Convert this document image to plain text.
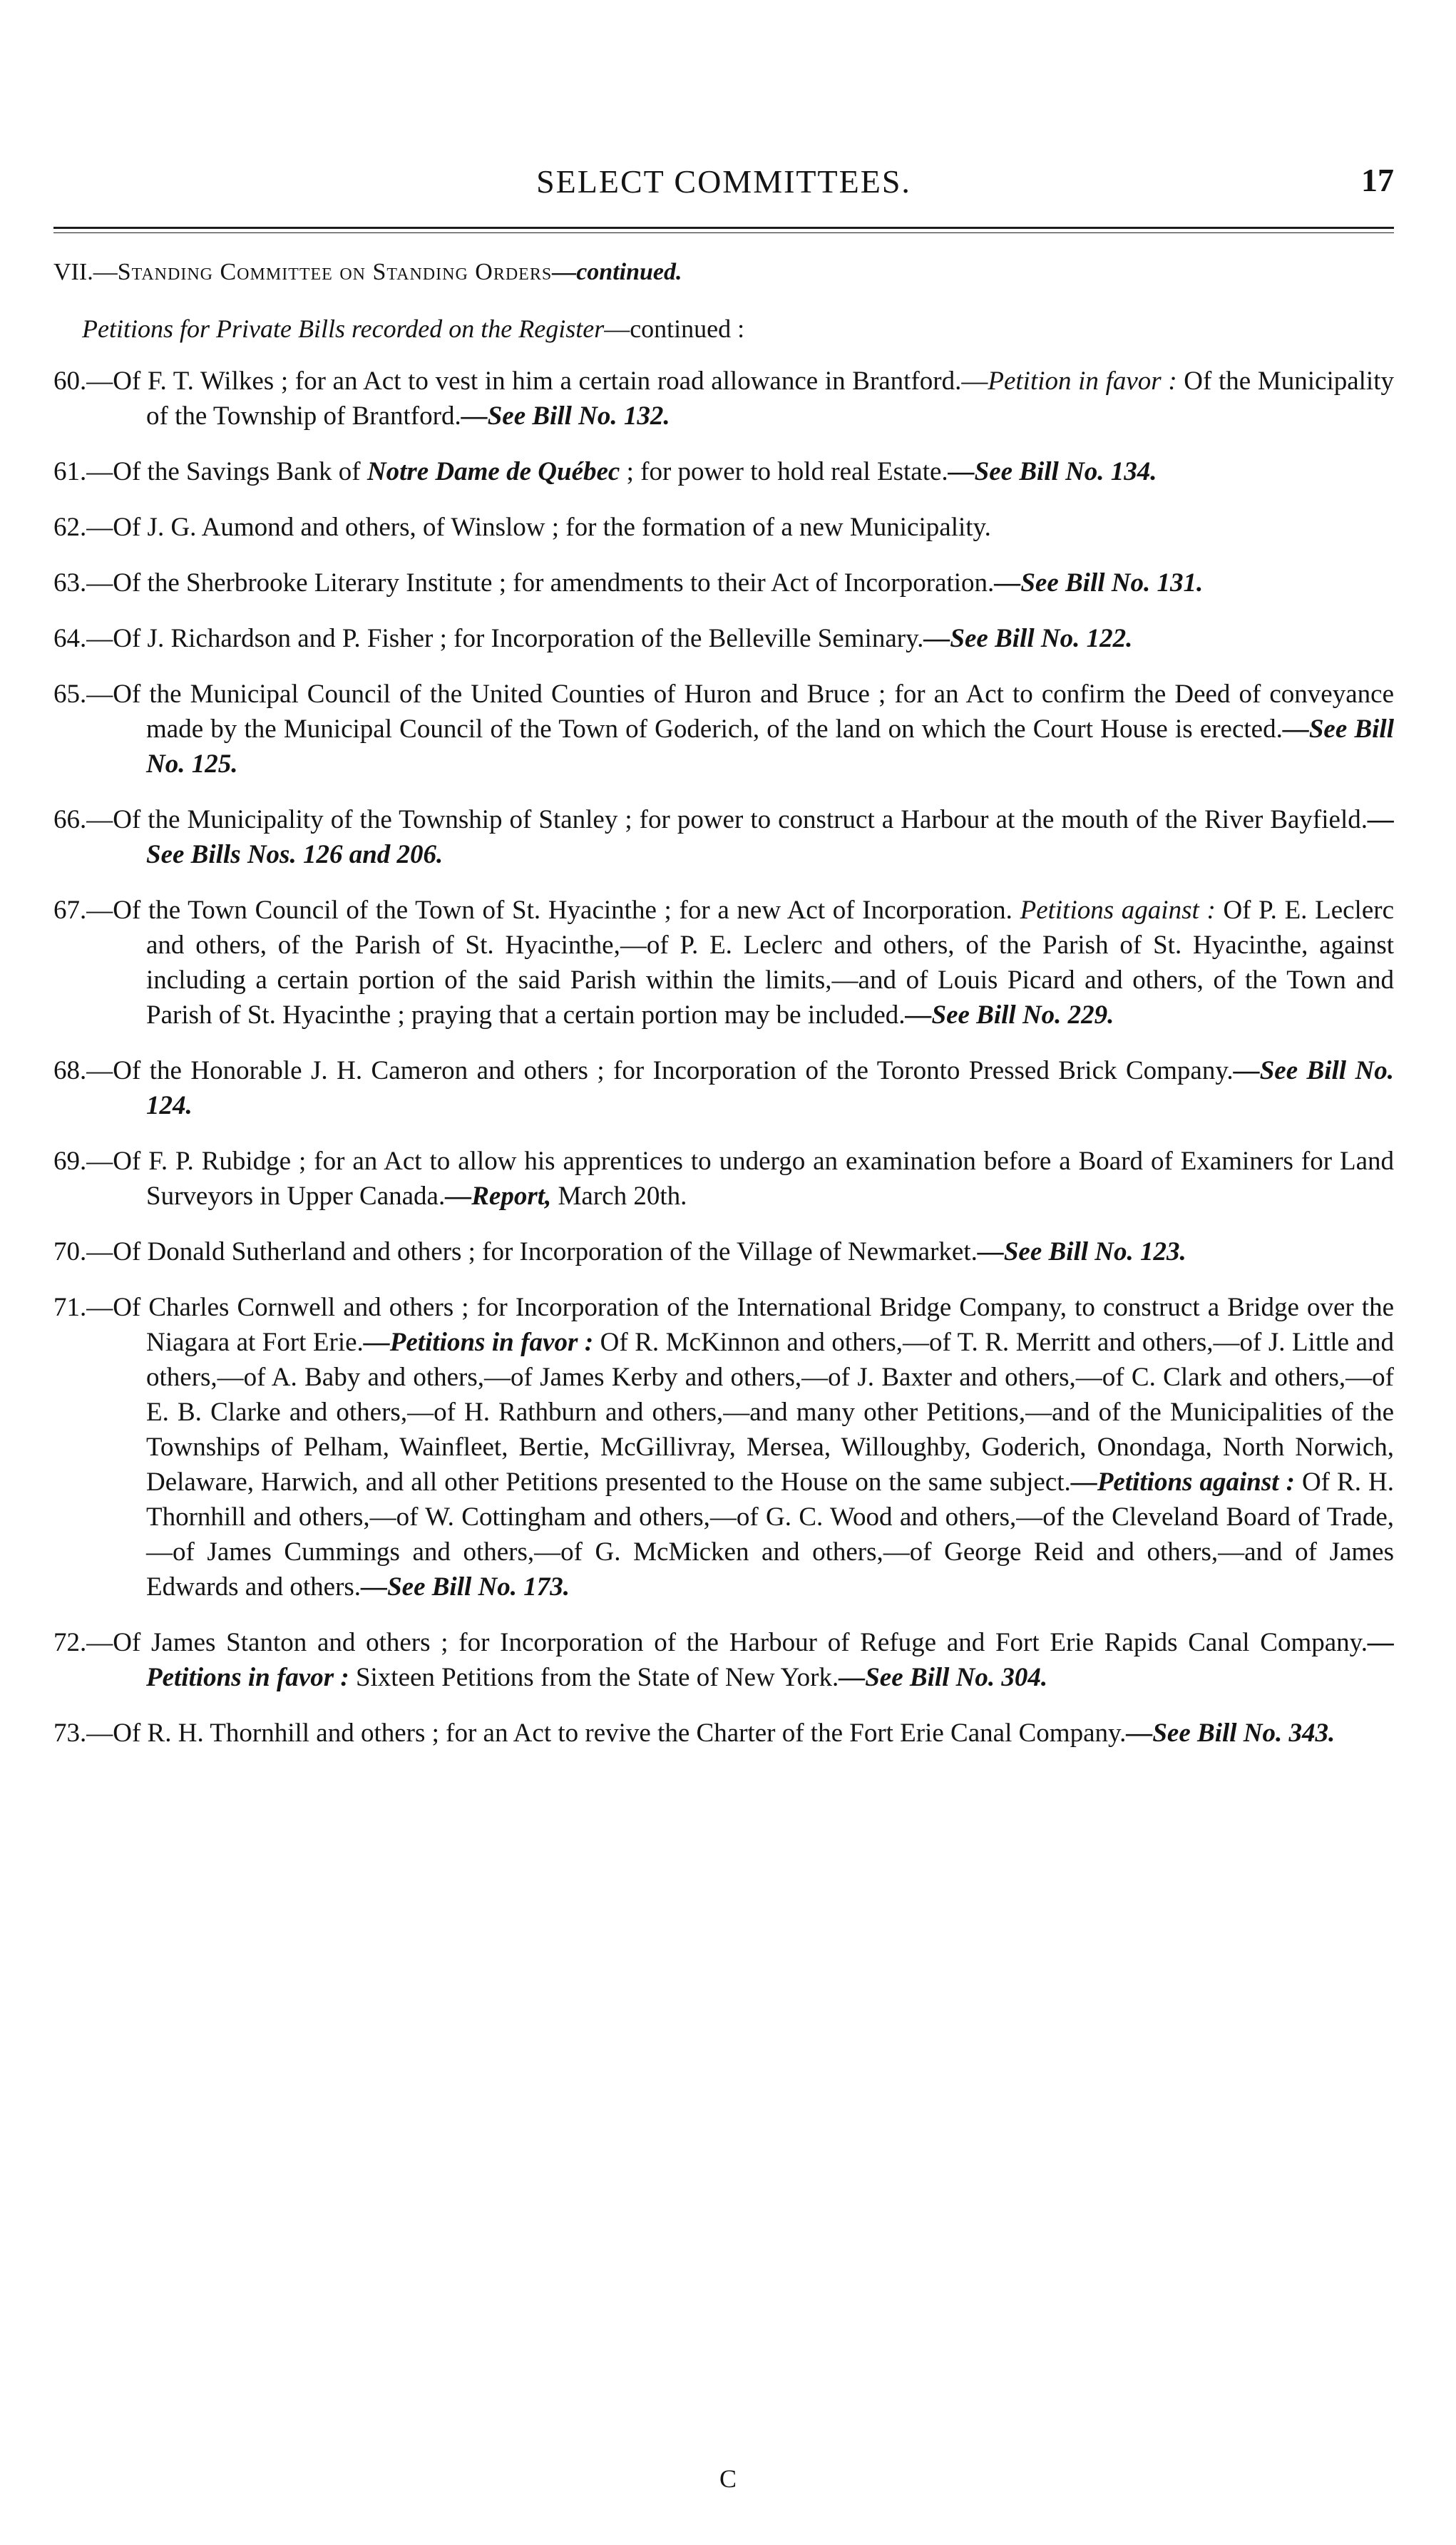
SELECT COMMITTEES.	17
VII.—Standing Committee on Standing Orders—continued.
Petitions for Private Bills recorded on the Register—continued :

60.—Of F. T. Wilkes ; for an Act to vest in him a certain road allowance in Brantford.—Petition in favor : Of the Municipality of the Township of Brantford.—See Bill No. 132.

61.—Of the Savings Bank of Notre Dame de Québec ; for power to hold real Estate.—See Bill No. 134.

62.—Of J. G. Aumond and others, of Winslow ; for the formation of a new Municipality.

63.—Of the Sherbrooke Literary Institute ; for amendments to their Act of Incorporation.—See Bill No. 131.

64.—Of J. Richardson and P. Fisher ; for Incorporation of the Belleville Seminary.—See Bill No. 122.

65.—Of the Municipal Council of the United Counties of Huron and Bruce ; for an Act to confirm the Deed of conveyance made by the Municipal Council of the Town of Goderich, of the land on which the Court House is erected.—See Bill No. 125.

66.—Of the Municipality of the Township of Stanley ; for power to construct a Harbour at the mouth of the River Bayfield.—See Bills Nos. 126 and 206.

67.—Of the Town Council of the Town of St. Hyacinthe ; for a new Act of Incorporation. Petitions against : Of P. E. Leclerc and others, of the Parish of St. Hyacinthe,—of P. E. Leclerc and others, of the Parish of St. Hyacinthe, against including a certain portion of the said Parish within the limits,—and of Louis Picard and others, of the Town and Parish of St. Hyacinthe ; praying that a certain portion may be included.—See Bill No. 229.

68.—Of the Honorable J. H. Cameron and others ; for Incorporation of the Toronto Pressed Brick Company.—See Bill No. 124.

69.—Of F. P. Rubidge ; for an Act to allow his apprentices to undergo an examination before a Board of Examiners for Land Surveyors in Upper Canada.—Report, March 20th.

70.—Of Donald Sutherland and others ; for Incorporation of the Village of Newmarket.—See Bill No. 123.

71.—Of Charles Cornwell and others ; for Incorporation of the International Bridge Company, to construct a Bridge over the Niagara at Fort Erie.—Petitions in favor : Of R. McKinnon and others,—of T. R. Merritt and others,—of J. Little and others,—of A. Baby and others,—of James Kerby and others,—of J. Baxter and others,—of C. Clark and others,—of E. B. Clarke and others,—of H. Rathburn and others,—and many other Petitions,—and of the Municipalities of the Townships of Pelham, Wainfleet, Bertie, McGillivray, Mersea, Willoughby, Goderich, Onondaga, North Norwich, Delaware, Harwich, and all other Petitions presented to the House on the same subject.—Petitions against : Of R. H. Thornhill and others,—of W. Cottingham and others,—of G. C. Wood and others,—of the Cleveland Board of Trade,—of James Cummings and others,—of G. McMicken and others,—of George Reid and others,—and of James Edwards and others.—See Bill No. 173.

72.—Of James Stanton and others ; for Incorporation of the Harbour of Refuge and Fort Erie Rapids Canal Company.—Petitions in favor : Sixteen Petitions from the State of New York.—See Bill No. 304.

73.—Of R. H. Thornhill and others ; for an Act to revive the Charter of the Fort Erie Canal Company.—See Bill No. 343.

C
